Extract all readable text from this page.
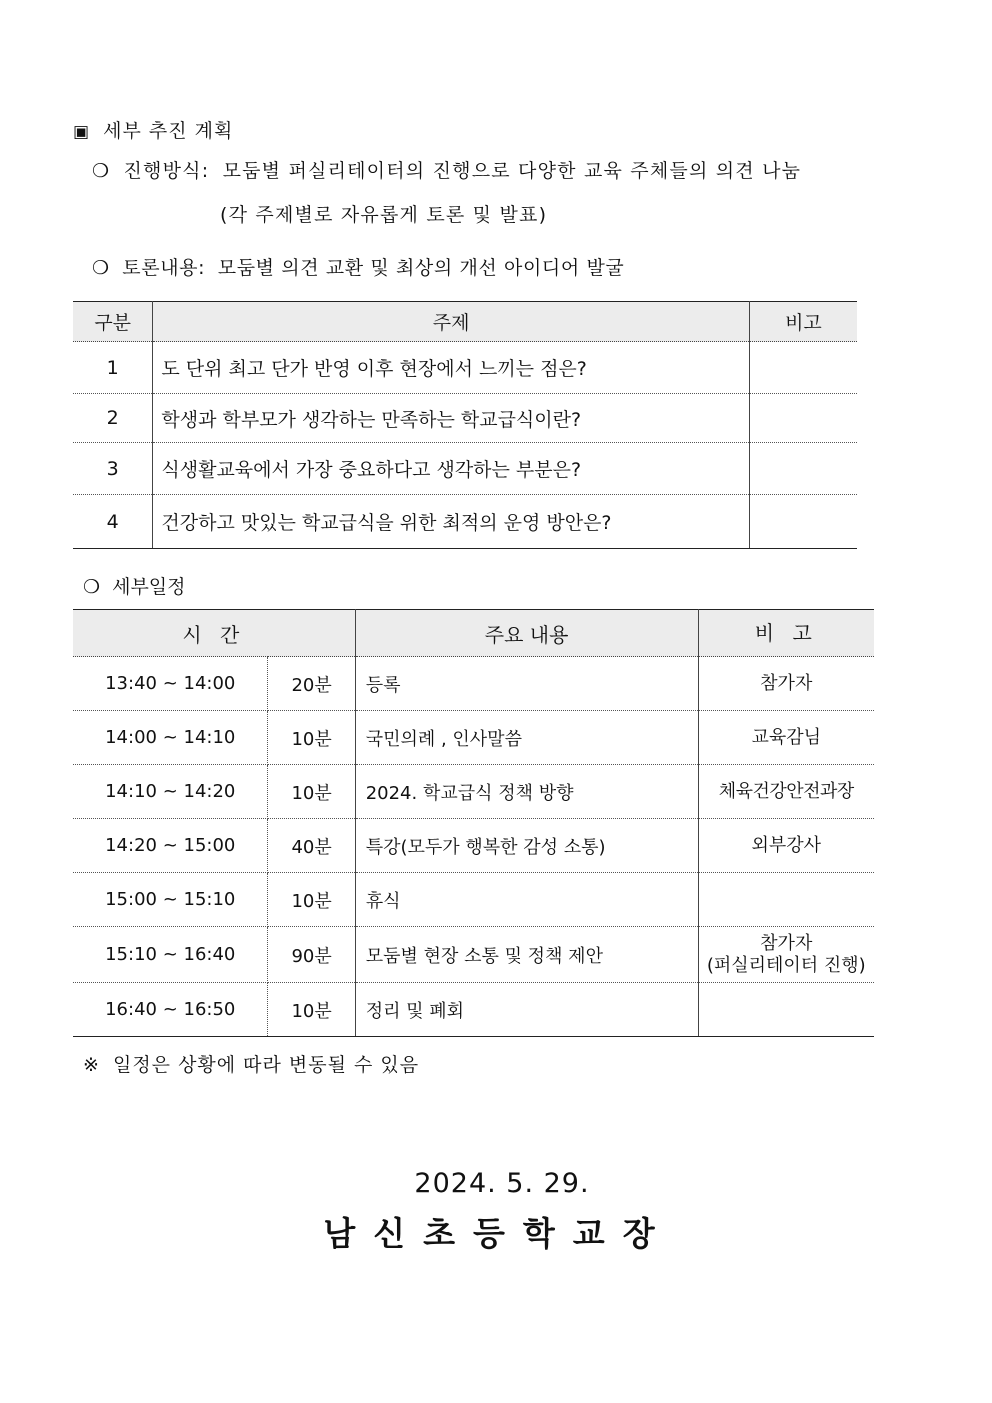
▣ 세부 추진 계획
❍ 진행방식: 모둠별 퍼실리테이터의 진행으로 다양한 교육 주체들의 의견 나눔
(각 주제별로 자유롭게 토론 및 발표)
❍ 토론내용: 모둠별 의견 교환 및 최상의 개선 아이디어 발굴
구분	주제	비고
1	도 단위 최고 단가 반영 이후 현장에서 느끼는 점은?	
2	학생과 학부모가 생각하는 만족하는 학교급식이란?	
3	식생활교육에서 가장 중요하다고 생각하는 부분은?	
4	건강하고 맛있는 학교급식을 위한 최적의 운영 방안은?	
❍ 세부일정
시 간		주요 내용	비 고
13:40 ~ 14:00	20분	등록	참가자
14:00 ~ 14:10	10분	국민의례 , 인사말씀	교육감님
14:10 ~ 14:20	10분	2024. 학교급식 정책 방향	체육건강안전과장
14:20 ~ 15:00	40분	특강(모두가 행복한 감성 소통)	외부강사
15:00 ~ 15:10	10분	휴식	
15:10 ~ 16:40	90분	모둠별 현장 소통 및 정책 제안	참가자
(퍼실리테이터 진행)
16:40 ~ 16:50	10분	정리 및 폐회	
※ 일정은 상황에 따라 변동될 수 있음
2024. 5. 29.
남신초등학교장
